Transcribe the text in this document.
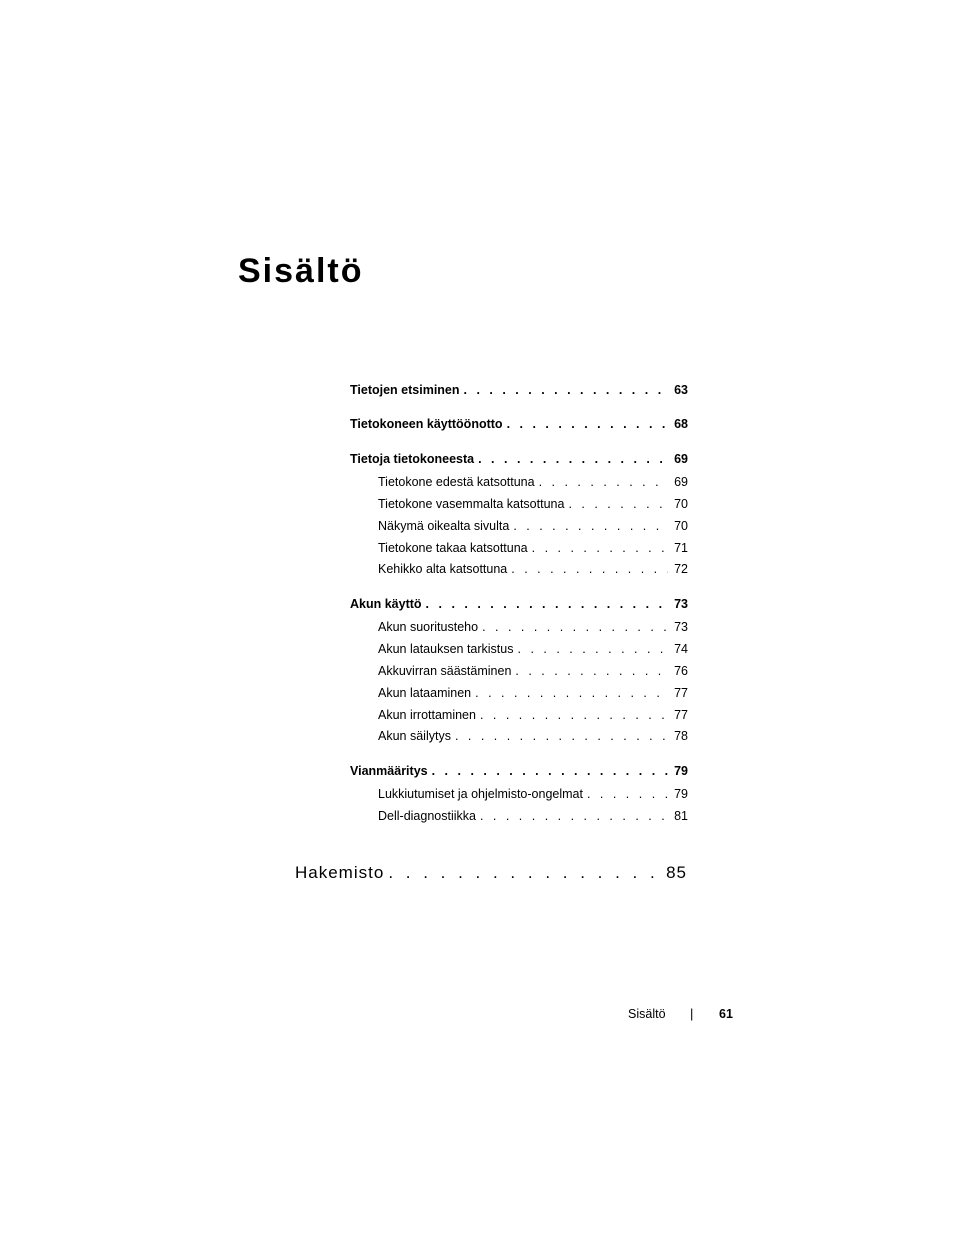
Sisältö
Tietojen etsiminen . . .	63
Tietokoneen käyttöönotto . . .	68
Tietoja tietokoneesta . . .	69
Tietokone edestä katsottuna . . .	69
Tietokone vasemmalta katsottuna . . .	70
Näkymä oikealta sivulta . . .	70
Tietokone takaa katsottuna . . .	71
Kehikko alta katsottuna . . .	72
Akun käyttö . . .	73
Akun suoritusteho . . .	73
Akun latauksen tarkistus . . .	74
Akkuvirran säästäminen . . .	76
Akun lataaminen . . .	77
Akun irrottaminen . . .	77
Akun säilytys . . .	78
Vianmääritys . . .	79
Lukkiutumiset ja ohjelmisto-ongelmat . . .	79
Dell-diagnostiikka . . .	81
Hakemisto . . .	85
Sisältö | 61
